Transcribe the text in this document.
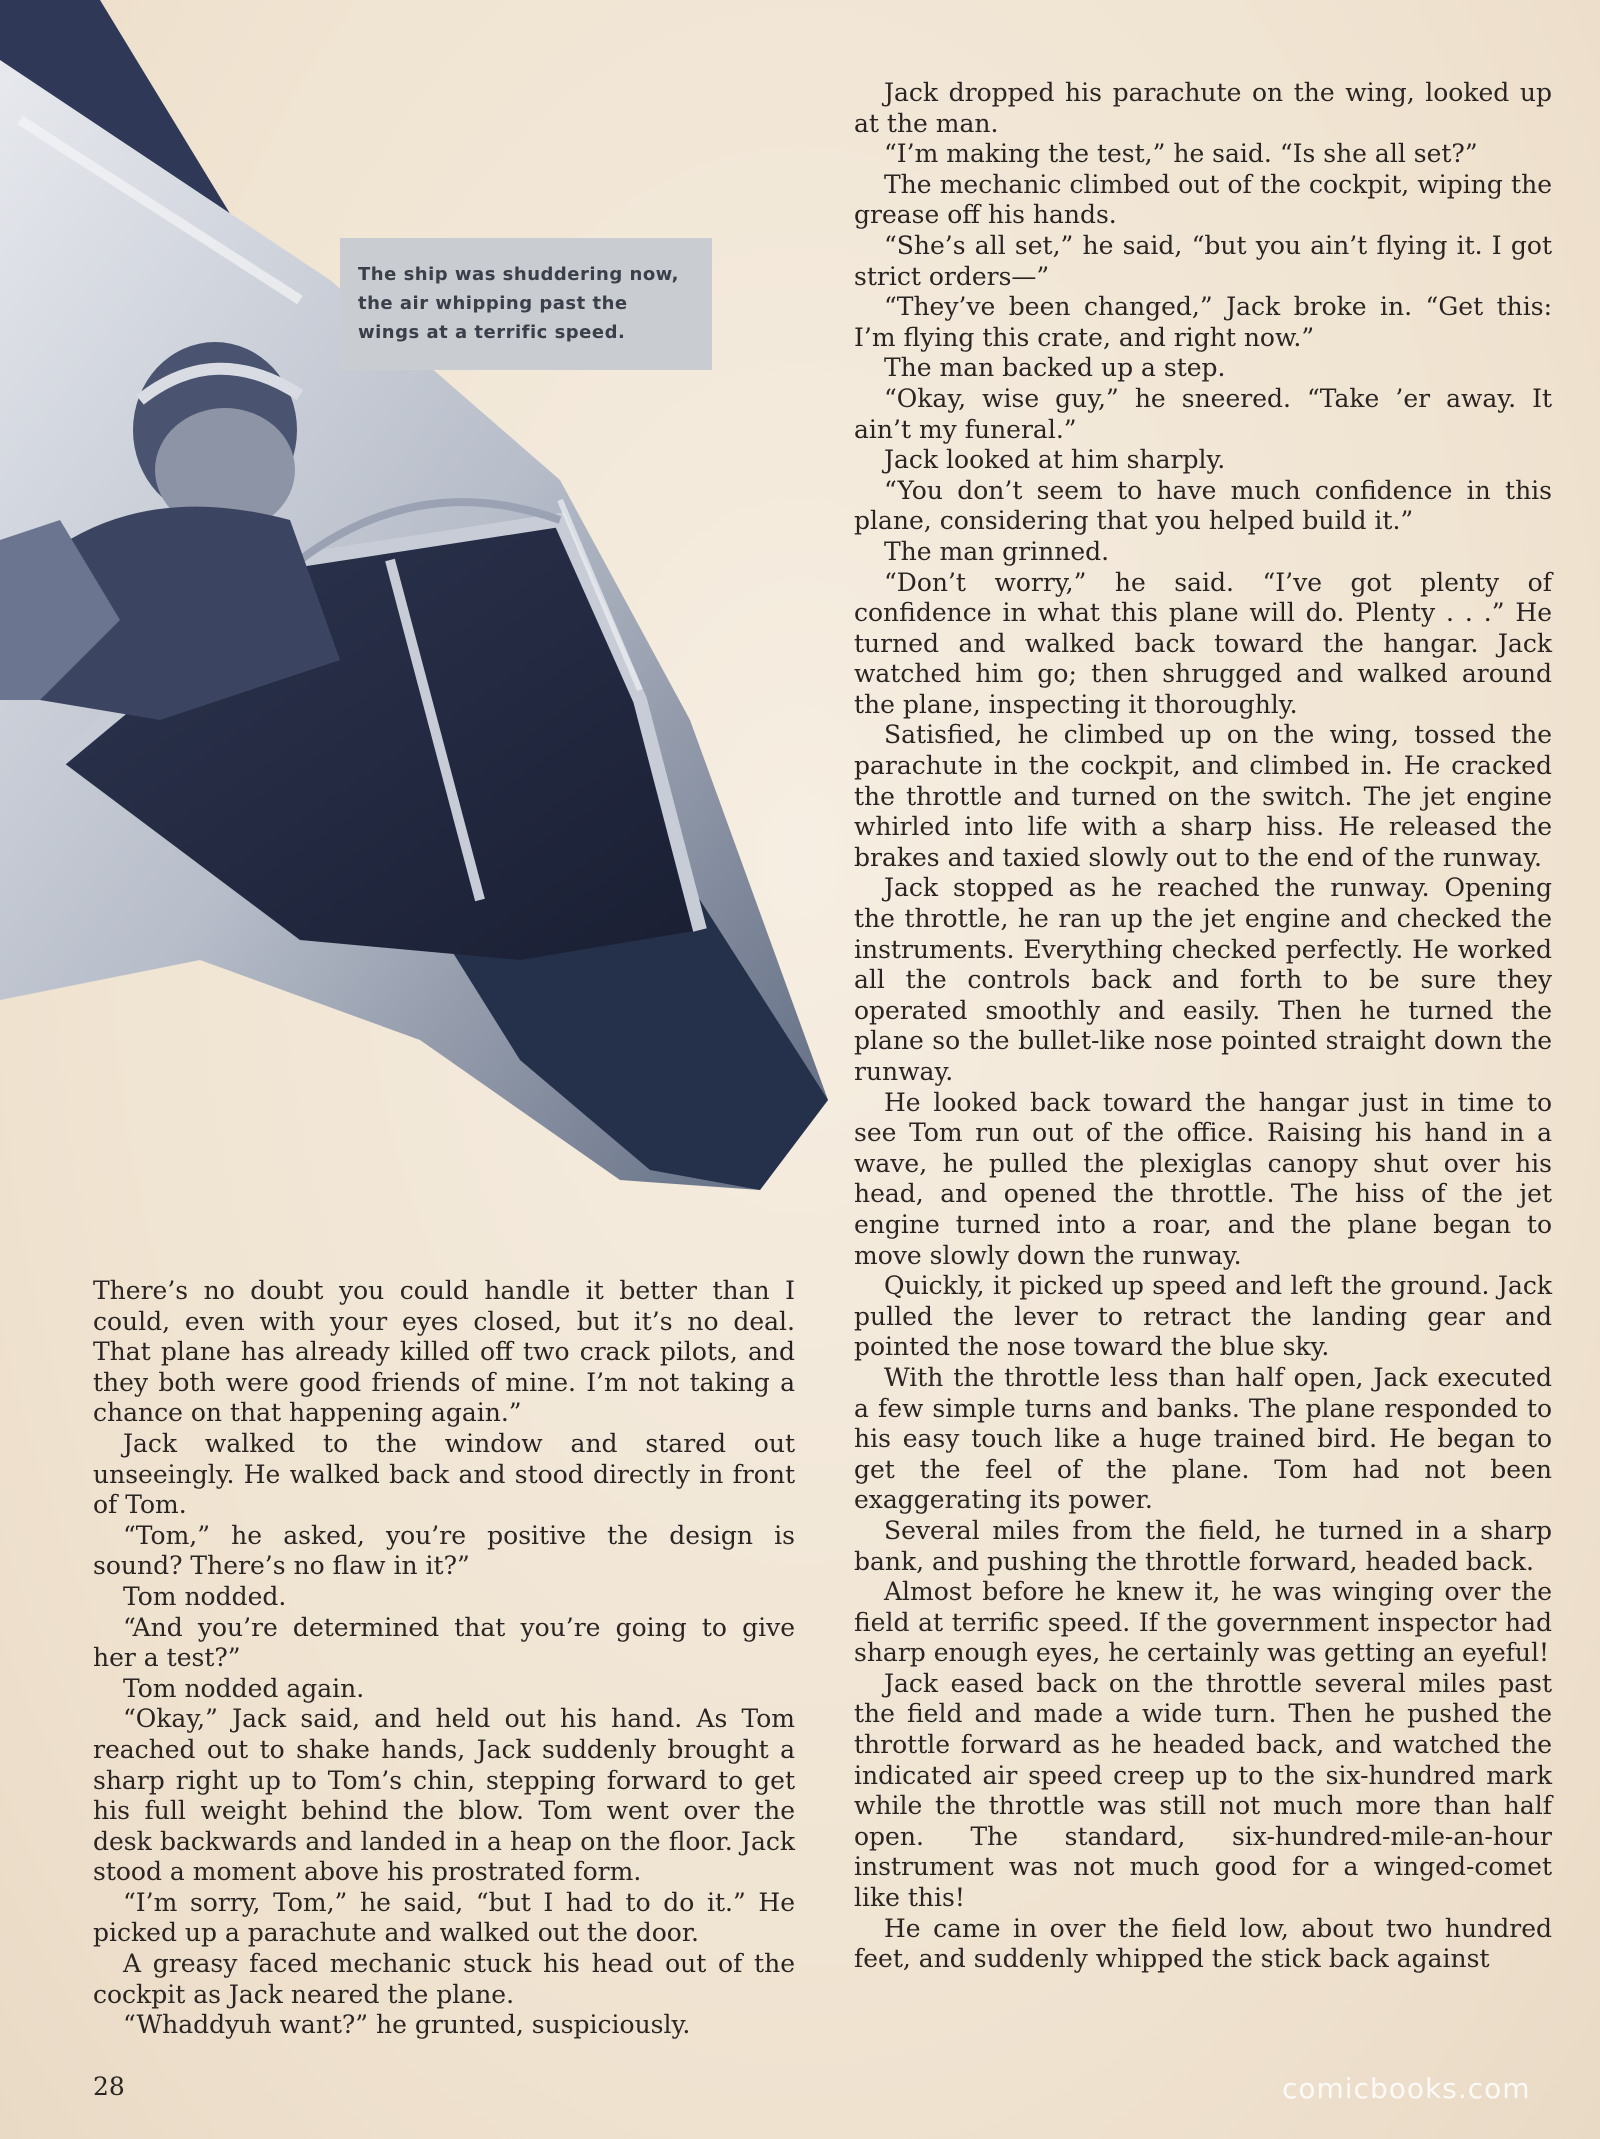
The ship was shuddering now,
the air whipping past the
wings at a terrific speed.

There’s no doubt you could handle it better than I could, even with your eyes closed, but it’s no deal. That plane has already killed off two crack pilots, and they both were good friends of mine. I’m not taking a chance on that happening again.”

Jack walked to the window and stared out unseeingly. He walked back and stood directly in front of Tom.

“Tom,” he asked, you’re positive the design is sound? There’s no flaw in it?”

Tom nodded.

“And you’re determined that you’re going to give her a test?”

Tom nodded again.

“Okay,” Jack said, and held out his hand. As Tom reached out to shake hands, Jack suddenly brought a sharp right up to Tom’s chin, stepping forward to get his full weight behind the blow. Tom went over the desk backwards and landed in a heap on the floor. Jack stood a moment above his prostrated form.

“I’m sorry, Tom,” he said, “but I had to do it.” He picked up a parachute and walked out the door.

A greasy faced mechanic stuck his head out of the cockpit as Jack neared the plane.

“Whaddyuh want?” he grunted, suspiciously.

Jack dropped his parachute on the wing, looked up at the man.

“I’m making the test,” he said. “Is she all set?”

The mechanic climbed out of the cockpit, wiping the grease off his hands.

“She’s all set,” he said, “but you ain’t flying it. I got strict orders—”

“They’ve been changed,” Jack broke in. “Get this: I’m flying this crate, and right now.”

The man backed up a step.

“Okay, wise guy,” he sneered. “Take ’er away. It ain’t my funeral.”

Jack looked at him sharply.

“You don’t seem to have much confidence in this plane, considering that you helped build it.”

The man grinned.

“Don’t worry,” he said. “I’ve got plenty of confidence in what this plane will do. Plenty . . .” He turned and walked back toward the hangar. Jack watched him go; then shrugged and walked around the plane, inspecting it thoroughly.

Satisfied, he climbed up on the wing, tossed the parachute in the cockpit, and climbed in. He cracked the throttle and turned on the switch. The jet engine whirled into life with a sharp hiss. He released the brakes and taxied slowly out to the end of the runway.

Jack stopped as he reached the runway. Opening the throttle, he ran up the jet engine and checked the instruments. Everything checked perfectly. He worked all the controls back and forth to be sure they operated smoothly and easily. Then he turned the plane so the bullet-like nose pointed straight down the runway.

He looked back toward the hangar just in time to see Tom run out of the office. Raising his hand in a wave, he pulled the plexiglas canopy shut over his head, and opened the throttle. The hiss of the jet engine turned into a roar, and the plane began to move slowly down the runway.

Quickly, it picked up speed and left the ground. Jack pulled the lever to retract the landing gear and pointed the nose toward the blue sky.

With the throttle less than half open, Jack executed a few simple turns and banks. The plane responded to his easy touch like a huge trained bird. He began to get the feel of the plane. Tom had not been exaggerating its power.

Several miles from the field, he turned in a sharp bank, and pushing the throttle forward, headed back.

Almost before he knew it, he was winging over the field at terrific speed. If the government inspector had sharp enough eyes, he certainly was getting an eyeful!

Jack eased back on the throttle several miles past the field and made a wide turn. Then he pushed the throttle forward as he headed back, and watched the indicated air speed creep up to the six-hundred mark while the throttle was still not much more than half open. The standard, six-hundred-mile-an-hour instrument was not much good for a winged-comet like this!

He came in over the field low, about two hundred feet, and suddenly whipped the stick back against

28	comicbooks.com
